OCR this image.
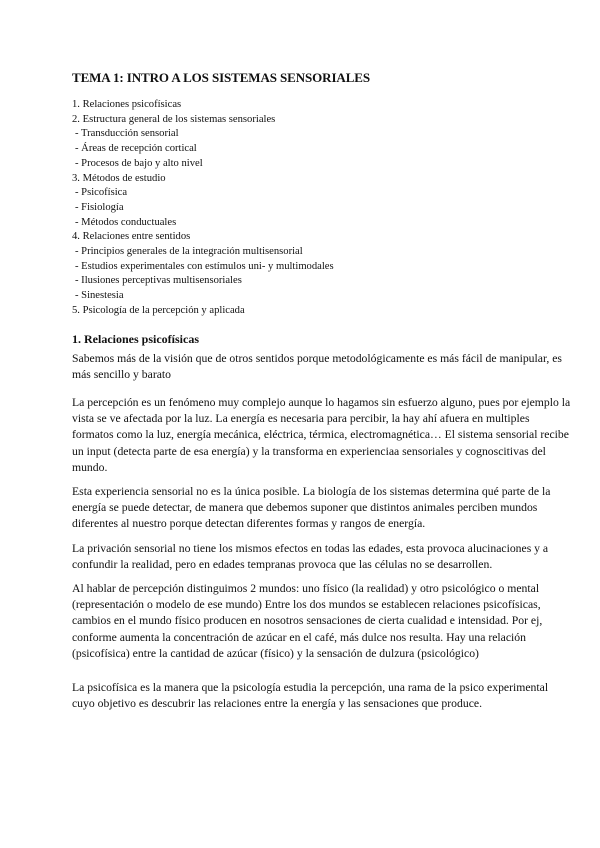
TEMA 1: INTRO A LOS SISTEMAS SENSORIALES
1. Relaciones psicofísicas
2. Estructura general de los sistemas sensoriales
- Transducción sensorial
- Áreas de recepción cortical
- Procesos de bajo y alto nivel
3. Métodos de estudio
- Psicofísica
- Fisiología
- Métodos conductuales
4. Relaciones entre sentidos
- Principios generales de la integración multisensorial
- Estudios experimentales con estímulos uni- y multimodales
- Ilusiones perceptivas multisensoriales
- Sinestesia
5. Psicología de la percepción y aplicada
1. Relaciones psicofísicas

Sabemos más de la visión que de otros sentidos porque metodológicamente es más fácil de manipular, es más sencillo y barato

La percepción es un fenómeno muy complejo aunque lo hagamos sin esfuerzo alguno, pues por ejemplo la vista se ve afectada por la luz. La energía es necesaria para percibir, la hay ahí afuera en multiples formatos como la luz, energía mecánica, eléctrica, térmica, electromagnética… El sistema sensorial recibe un input (detecta parte de esa energía) y la transforma en experienciaa sensoriales y cognoscitivas del mundo.

Esta experiencia sensorial no es la única posible. La biología de los sistemas determina qué parte de la energía se puede detectar, de manera que debemos suponer que distintos animales perciben mundos diferentes al nuestro porque detectan diferentes formas y rangos de energía.

La privación sensorial no tiene los mismos efectos en todas las edades, esta provoca alucinaciones y a confundir la realidad, pero en edades tempranas provoca que las células no se desarrollen.

Al hablar de percepción distinguimos 2 mundos: uno físico (la realidad) y otro psicológico o mental (representación o modelo de ese mundo) Entre los dos mundos se establecen relaciones psicofísicas, cambios en el mundo físico producen en nosotros sensaciones de cierta cualidad e intensidad. Por ej, conforme aumenta la concentración de azúcar en el café, más dulce nos resulta. Hay una relación (psicofísica) entre la cantidad de azúcar (físico) y la sensación de dulzura (psicológico)

La psicofísica es la manera que la psicología estudia la percepción, una rama de la psico experimental cuyo objetivo es descubrir las relaciones entre la energía y las sensaciones que produce.
